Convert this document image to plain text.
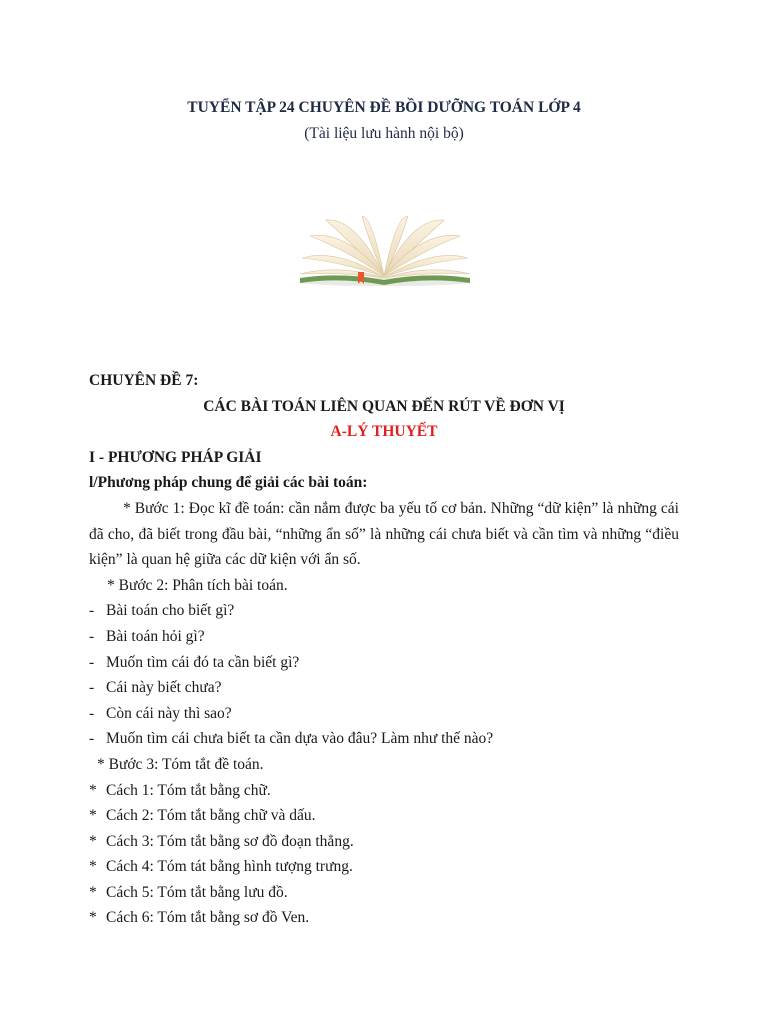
TUYỂN TẬP 24 CHUYÊN ĐỀ BỒI DƯỠNG TOÁN LỚP 4
(Tài liệu lưu hành nội bộ)

CHUYÊN ĐỀ 7:

CÁC BÀI TOÁN LIÊN QUAN ĐẾN RÚT VỀ ĐƠN VỊ

A-LÝ THUYẾT

I - PHƯƠNG PHÁP GIẢI

l/Phương pháp chung để giải các bài toán:

* Bước 1: Đọc kĩ đề toán: cần nắm được ba yếu tố cơ bản. Những “dữ kiện” là những cái đã cho, đã biết trong đầu bài, “những ẩn số” là những cái chưa biết và cần tìm và những “điều kiện” là quan hệ giữa các dữ kiện với ẩn số.

* Bước 2: Phân tích bài toán.

- Bài toán cho biết gì?
- Bài toán hỏi gì?
- Muốn tìm cái đó ta cần biết gì?
- Cái này biết chưa?
- Còn cái này thì sao?
- Muốn tìm cái chưa biết ta cần dựa vào đâu? Làm như thế nào?

* Bước 3: Tóm tắt đề toán.

* Cách 1: Tóm tắt bằng chữ.
* Cách 2: Tóm tắt bằng chữ và dấu.
* Cách 3: Tóm tắt bằng sơ đồ đoạn thẳng.
* Cách 4: Tóm tát bằng hình tượng trưng.
* Cách 5: Tóm tắt bằng lưu đồ.
* Cách 6: Tóm tắt bằng sơ đồ Ven.
